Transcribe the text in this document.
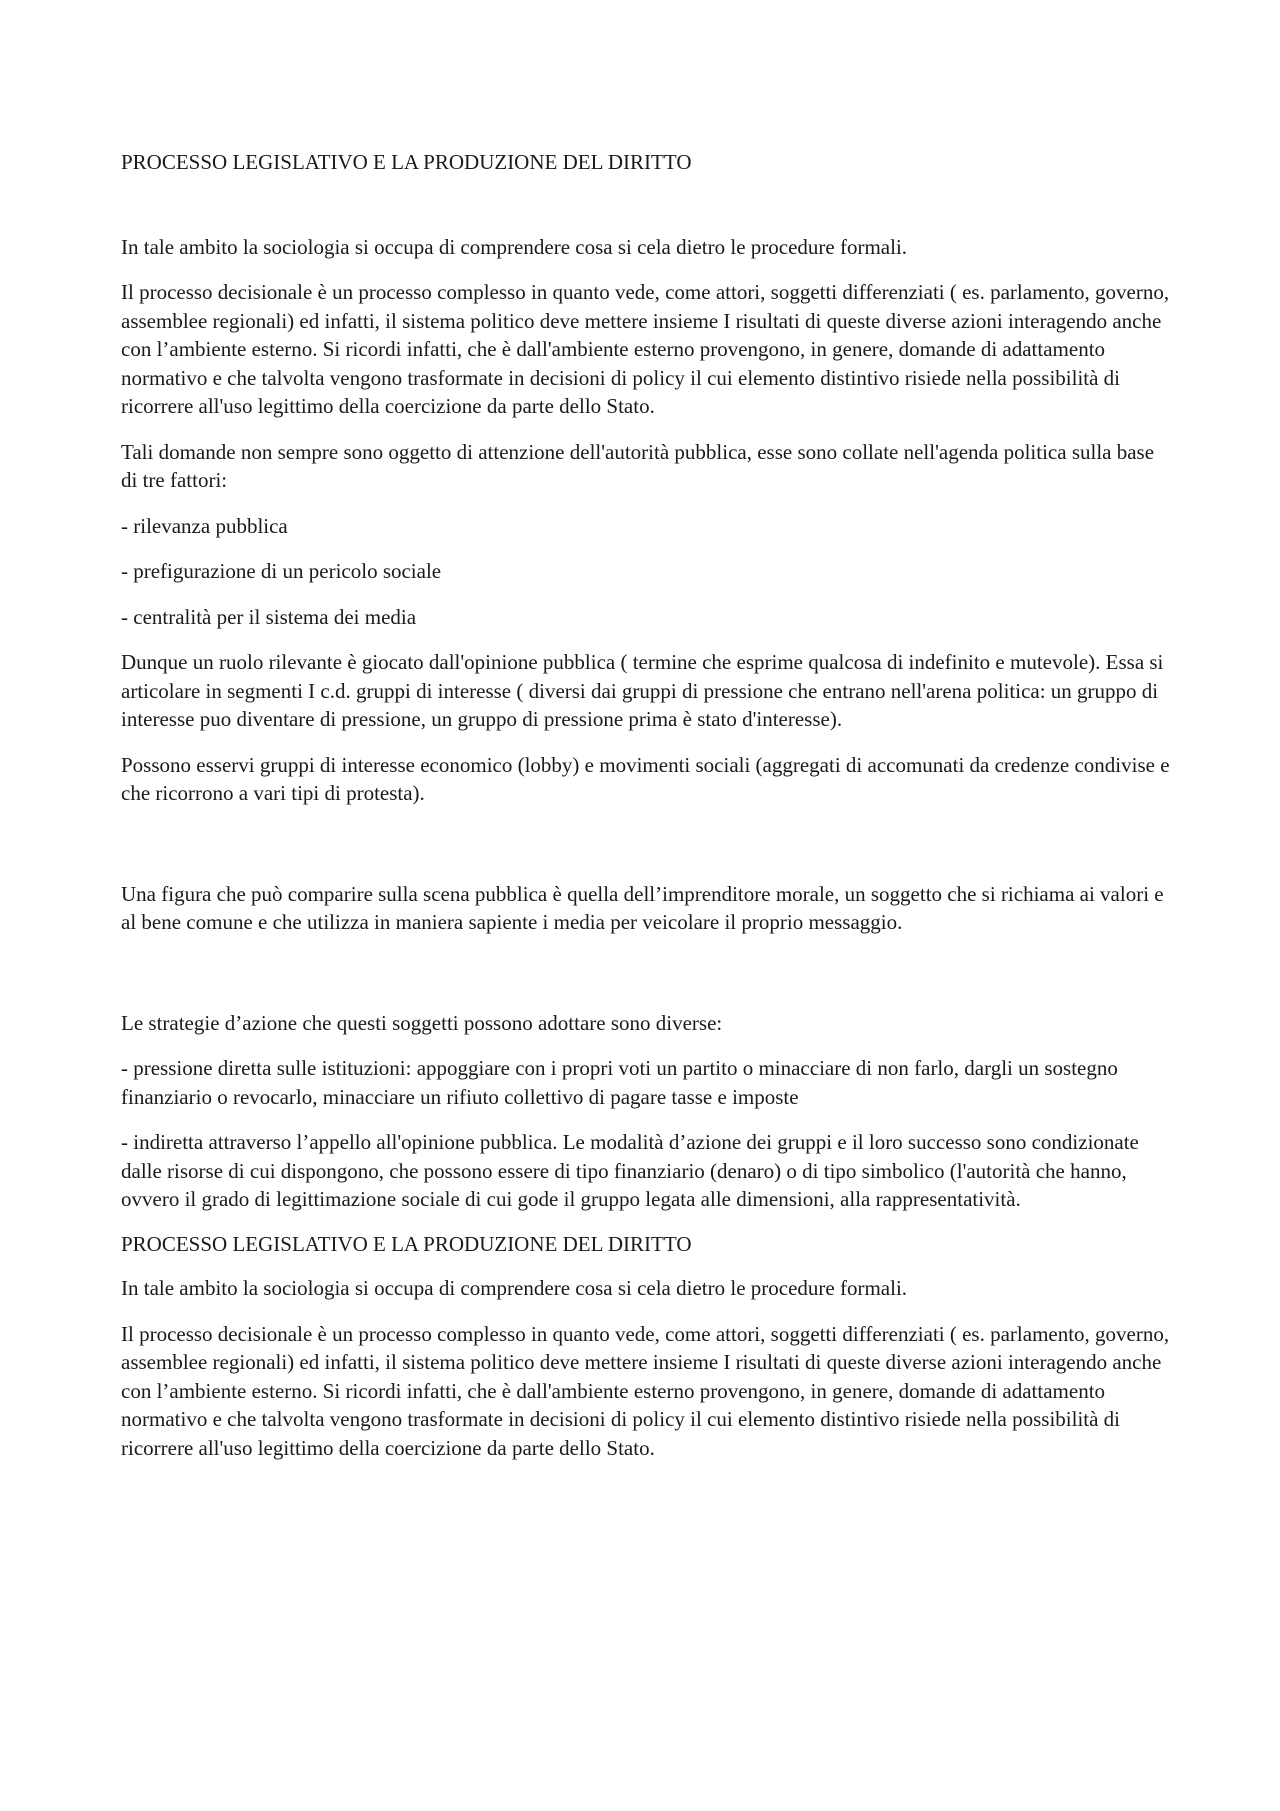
PROCESSO LEGISLATIVO E LA PRODUZIONE DEL DIRITTO

In tale ambito la sociologia si occupa di comprendere cosa si cela dietro le procedure formali.

Il processo decisionale è un processo complesso in quanto vede, come attori, soggetti differenziati ( es. parlamento, governo, assemblee regionali) ed infatti, il sistema politico deve mettere insieme I risultati di queste diverse azioni interagendo anche con l’ambiente esterno. Si ricordi infatti, che è dall'ambiente esterno provengono, in genere, domande di adattamento normativo e che talvolta vengono trasformate in decisioni di policy il cui elemento distintivo risiede nella possibilità di ricorrere all'uso legittimo della coercizione da parte dello Stato.

Tali domande non sempre sono oggetto di attenzione dell'autorità pubblica, esse sono collate nell'agenda politica sulla base di tre fattori:

- rilevanza pubblica

- prefigurazione di un pericolo sociale

- centralità per il sistema dei media

Dunque un ruolo rilevante è giocato dall'opinione pubblica ( termine che esprime qualcosa di indefinito e mutevole). Essa si articolare in segmenti I c.d. gruppi di interesse ( diversi dai gruppi di pressione che entrano nell'arena politica: un gruppo di interesse puo diventare di pressione, un gruppo di pressione prima è stato d'interesse).

Possono esservi gruppi di interesse economico (lobby) e movimenti sociali (aggregati di accomunati da credenze condivise e che ricorrono a vari tipi di protesta).

Una figura che può comparire sulla scena pubblica è quella dell’imprenditore morale, un soggetto che si richiama ai valori e al bene comune e che utilizza in maniera sapiente i media per veicolare il proprio messaggio.

Le strategie d’azione che questi soggetti possono adottare sono diverse:

- pressione diretta sulle istituzioni: appoggiare con i propri voti un partito o minacciare di non farlo, dargli un sostegno finanziario o revocarlo, minacciare un rifiuto collettivo di pagare tasse e imposte

- indiretta attraverso l’appello all'opinione pubblica. Le modalità d’azione dei gruppi e il loro successo sono condizionate dalle risorse di cui dispongono, che possono essere di tipo finanziario (denaro) o di tipo simbolico (l'autorità che hanno, ovvero il grado di legittimazione sociale di cui gode il gruppo legata alle dimensioni, alla rappresentatività.

PROCESSO LEGISLATIVO E LA PRODUZIONE DEL DIRITTO

In tale ambito la sociologia si occupa di comprendere cosa si cela dietro le procedure formali.

Il processo decisionale è un processo complesso in quanto vede, come attori, soggetti differenziati ( es. parlamento, governo, assemblee regionali) ed infatti, il sistema politico deve mettere insieme I risultati di queste diverse azioni interagendo anche con l’ambiente esterno. Si ricordi infatti, che è dall'ambiente esterno provengono, in genere, domande di adattamento normativo e che talvolta vengono trasformate in decisioni di policy il cui elemento distintivo risiede nella possibilità di ricorrere all'uso legittimo della coercizione da parte dello Stato.
